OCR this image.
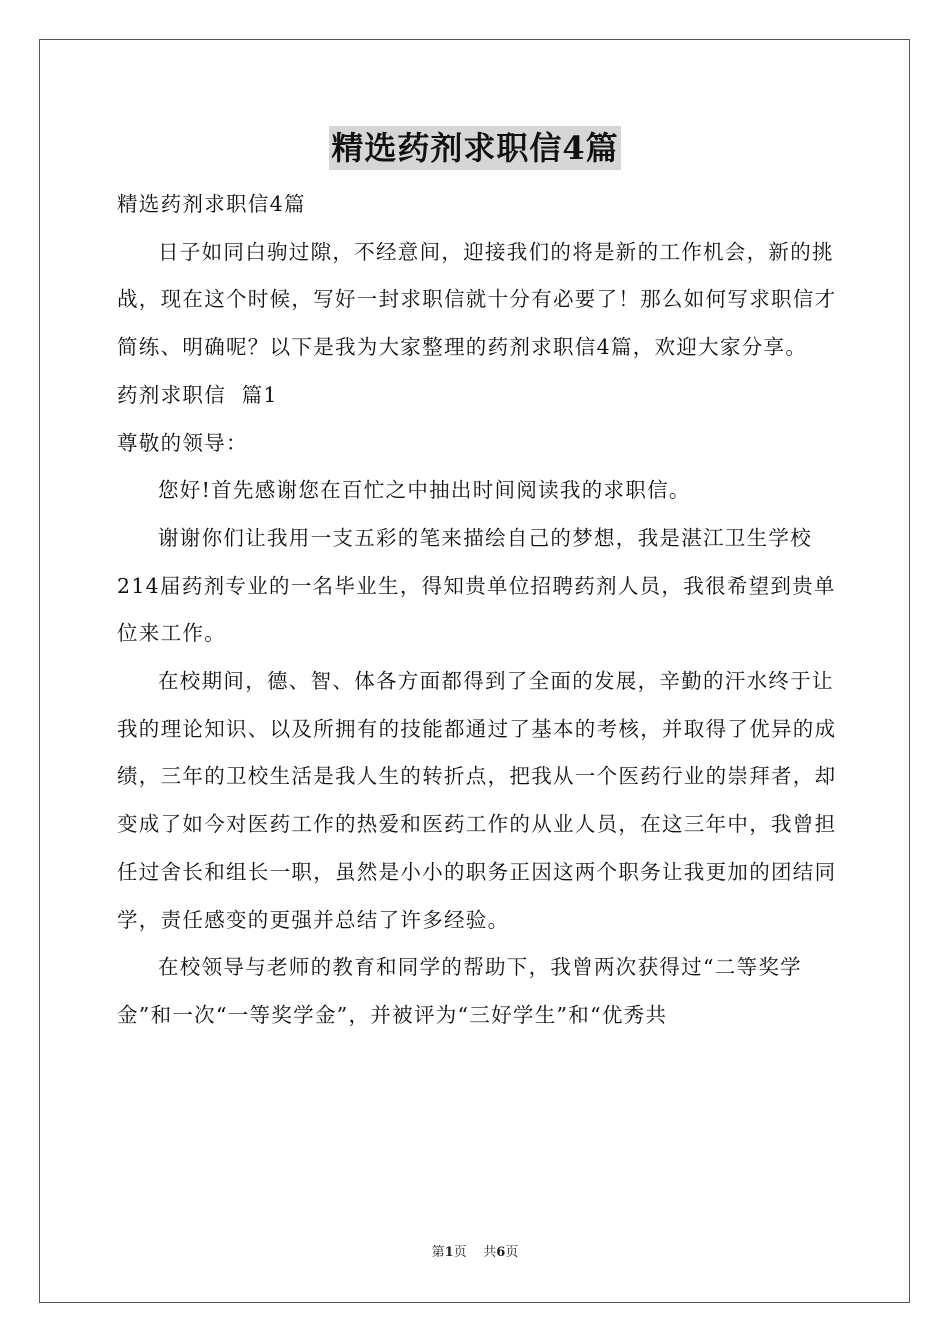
精选药剂求职信4篇

精选药剂求职信4篇

日子如同白驹过隙，不经意间，迎接我们的将是新的工作机会，新的挑战，现在这个时候，写好一封求职信就十分有必要了！那么如何写求职信才简练、明确呢？以下是我为大家整理的药剂求职信4篇，欢迎大家分享。

药剂求职信  篇1

尊敬的领导：

您好!首先感谢您在百忙之中抽出时间阅读我的求职信。

谢谢你们让我用一支五彩的笔来描绘自己的梦想，我是湛江卫生学校214届药剂专业的一名毕业生，得知贵单位招聘药剂人员，我很希望到贵单位来工作。

在校期间，德、智、体各方面都得到了全面的发展，辛勤的汗水终于让我的理论知识、以及所拥有的技能都通过了基本的考核，并取得了优异的成绩，三年的卫校生活是我人生的转折点，把我从一个医药行业的崇拜者，却变成了如今对医药工作的热爱和医药工作的从业人员，在这三年中，我曾担任过舍长和组长一职，虽然是小小的职务正因这两个职务让我更加的团结同学，责任感变的更强并总结了许多经验。

在校领导与老师的教育和同学的帮助下，我曾两次获得过“二等奖学金”和一次“一等奖学金”，并被评为“三好学生”和“优秀共

第1页 共6页
